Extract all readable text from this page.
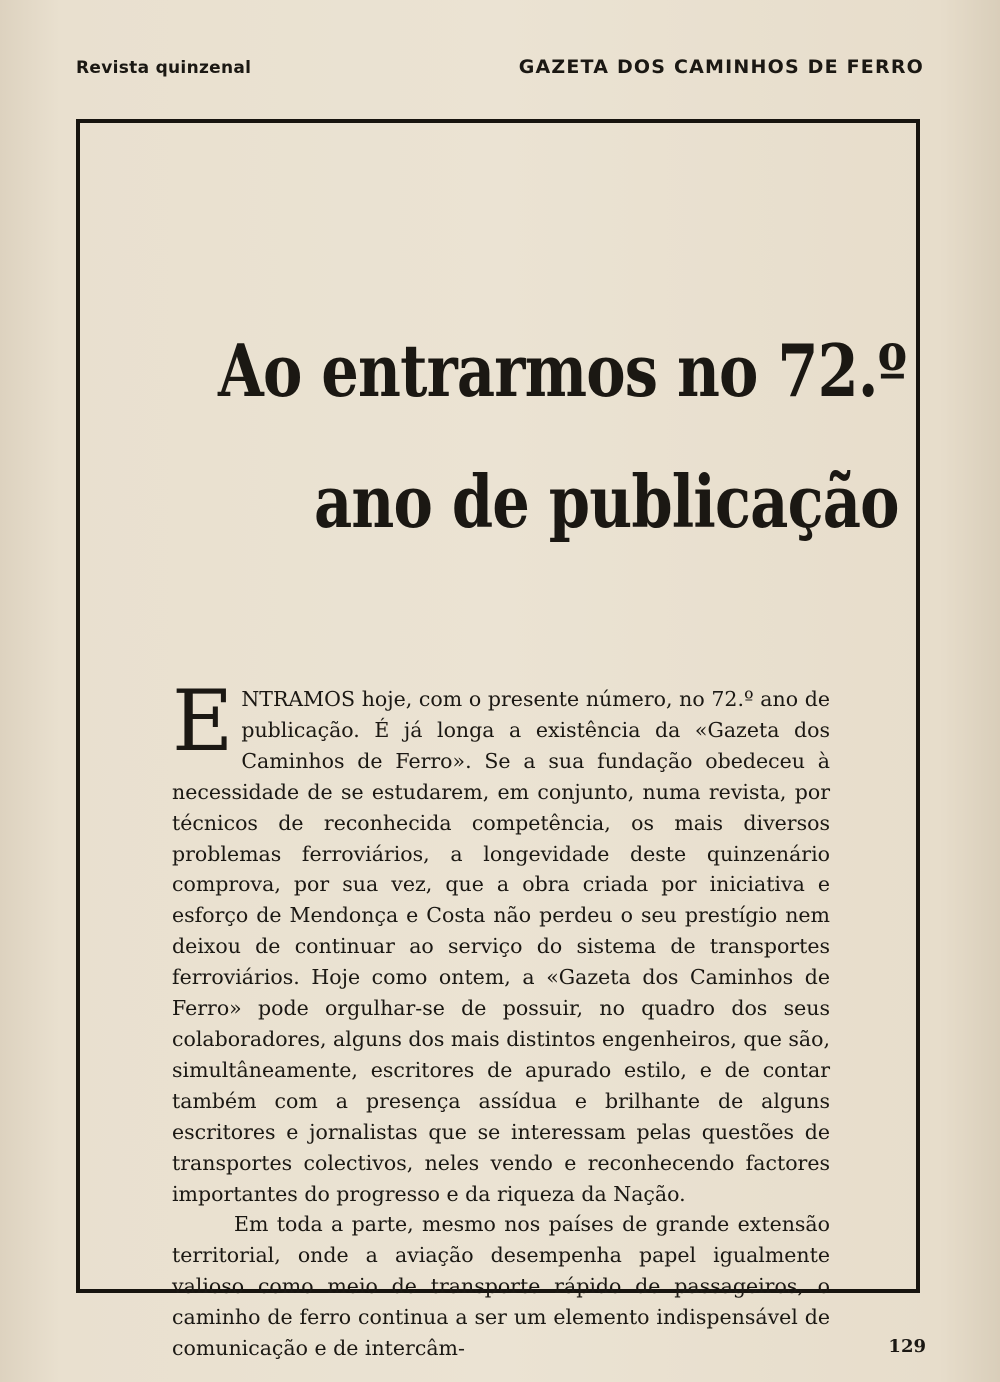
Revista quinzenal	GAZETA DOS CAMINHOS DE FERRO
Ao entrarmos no 72.º
ano de publicação

ENTRAMOS hoje, com o presente número, no 72.º ano de publicação. É já longa a existência da «Gazeta dos Caminhos de Ferro». Se a sua fundação obedeceu à necessidade de se estudarem, em conjunto, numa revista, por técnicos de reconhecida competência, os mais diversos problemas ferroviários, a longevidade deste quinzenário comprova, por sua vez, que a obra criada por iniciativa e esforço de Mendonça e Costa não perdeu o seu prestígio nem deixou de continuar ao serviço do sistema de transportes ferroviários. Hoje como ontem, a «Gazeta dos Caminhos de Ferro» pode orgulhar-se de possuir, no quadro dos seus colaboradores, alguns dos mais distintos engenheiros, que são, simultâneamente, escritores de apurado estilo, e de contar também com a presença assídua e brilhante de alguns escritores e jornalistas que se interessam pelas questões de transportes colectivos, neles vendo e reconhecendo factores importantes do progresso e da riqueza da Nação.

Em toda a parte, mesmo nos países de grande extensão territorial, onde a aviação desempenha papel igualmente valioso como meio de transporte rápido de passageiros, o caminho de ferro continua a ser um elemento indispensável de comunicação e de intercâm-	129
